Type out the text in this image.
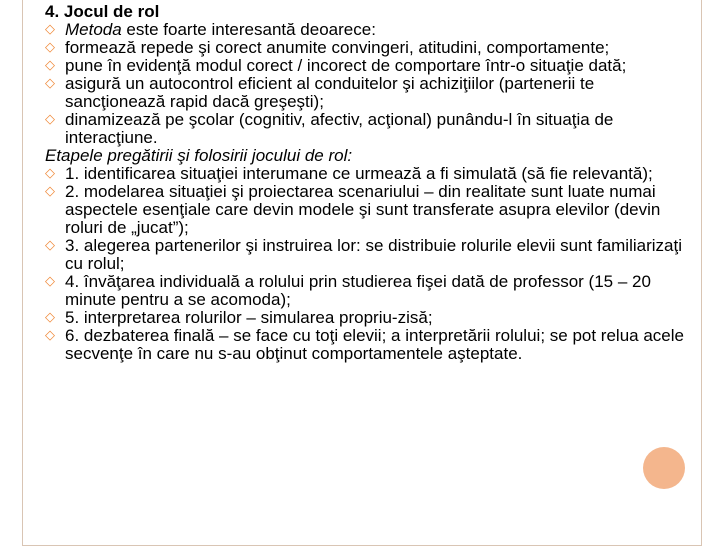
4. Jocul de rol

◇ Metoda este foarte interesantă deoarece:
◇ formează repede şi corect anumite convingeri, atitudini, comportamente;
◇ pune în evidenţă modul corect / incorect de comportare într-o situaţie dată;
◇ asigură un autocontrol eficient al conduitelor şi achiziţiilor (partenerii te sancţionează rapid dacă greşeşti);
◇ dinamizează pe şcolar (cognitiv, afectiv, acţional) punându-l în situaţia de interacţiune.

Etapele pregătirii şi folosirii jocului de rol:

◇ 1. identificarea situaţiei interumane ce urmează a fi simulată (să fie relevantă);
◇ 2. modelarea situaţiei şi proiectarea scenariului – din realitate sunt luate numai aspectele esenţiale care devin modele şi sunt transferate asupra elevilor (devin roluri de „jucat”);
◇ 3. alegerea partenerilor şi instruirea lor: se distribuie rolurile elevii sunt familiarizaţi cu rolul;
◇ 4. învăţarea individuală a rolului prin studierea fişei dată de professor (15 – 20 minute pentru a se acomoda);
◇ 5. interpretarea rolurilor – simularea propriu-zisă;
◇ 6. dezbaterea finală – se face cu toţi elevii; a interpretării rolului; se pot relua acele secvenţe în care nu s-au obţinut comportamentele aşteptate.
